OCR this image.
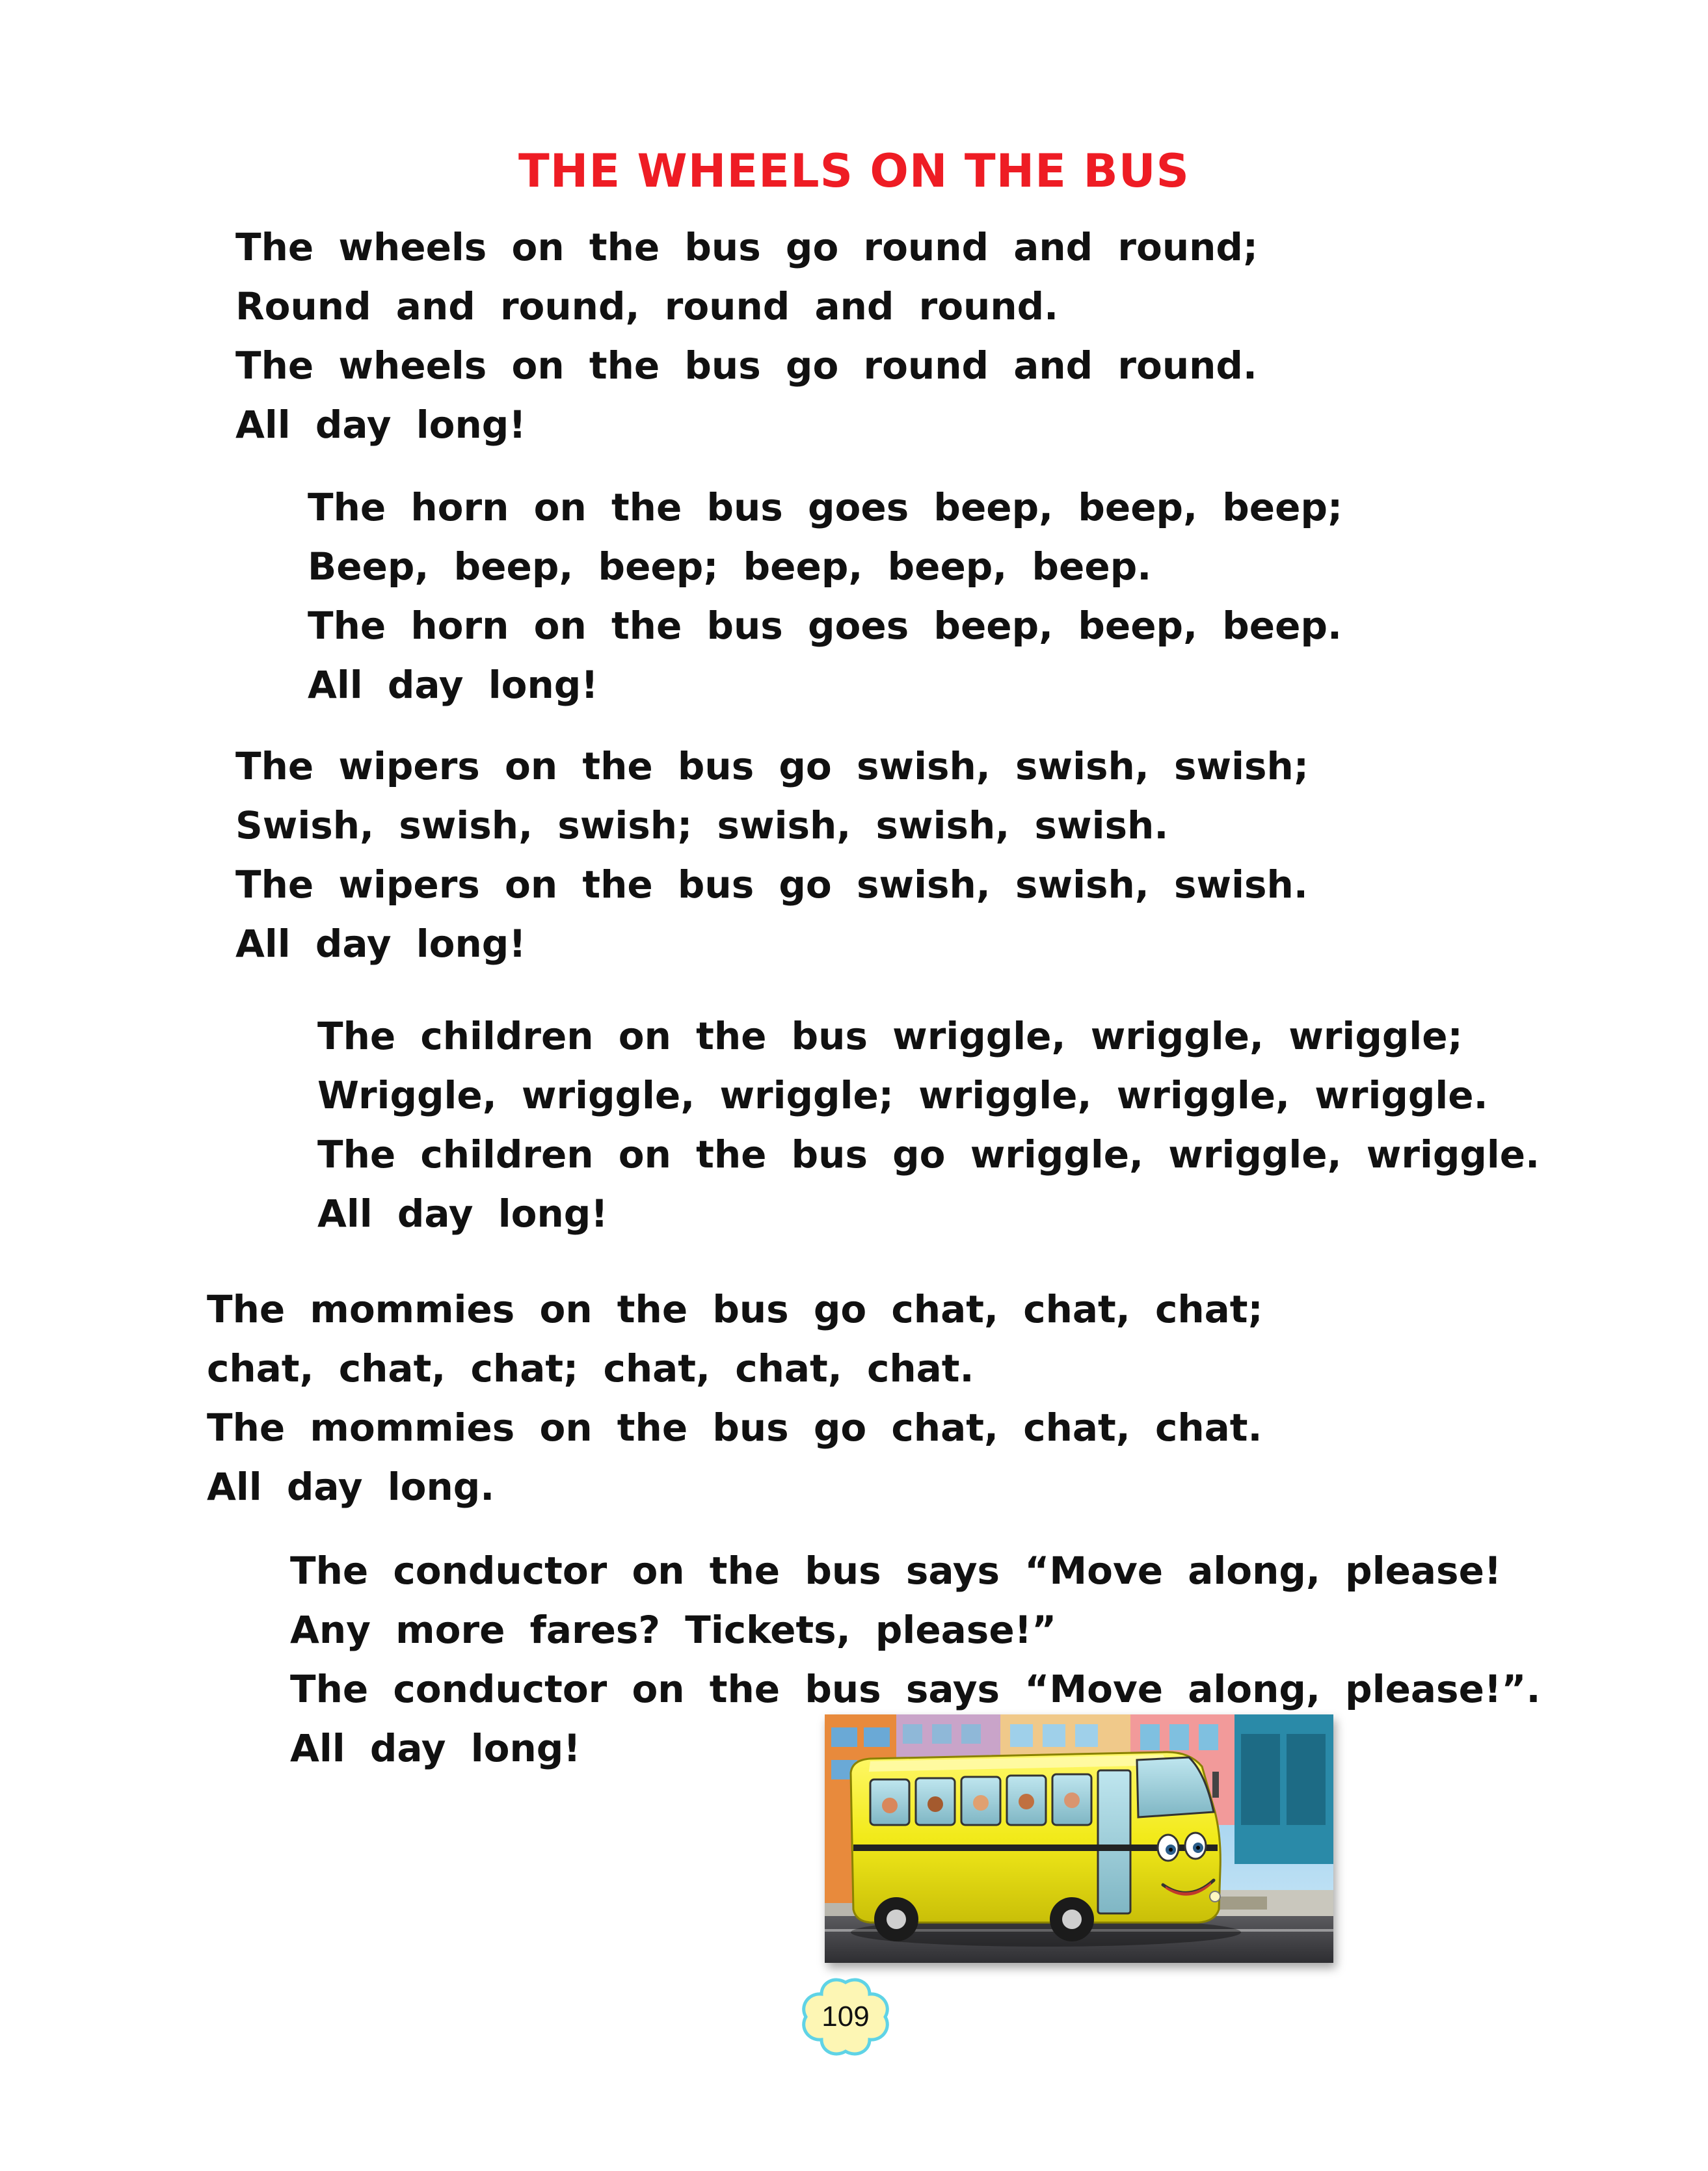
THE WHEELS ON THE BUS
The wheels on the bus go round and round;
Round and round, round and round.
The wheels on the bus go round and round.
All day long!
The horn on the bus goes beep, beep, beep;
Beep, beep, beep; beep, beep, beep.
The horn on the bus goes beep, beep, beep.
All day long!
The wipers on the bus go swish, swish, swish;
Swish, swish, swish; swish, swish, swish.
The wipers on the bus go swish, swish, swish.
All day long!
The children on the bus wriggle, wriggle, wriggle;
Wriggle, wriggle, wriggle; wriggle, wriggle, wriggle.
The children on the bus go wriggle, wriggle, wriggle.
All day long!
The mommies on the bus go chat, chat, chat;
chat, chat, chat; chat, chat, chat.
The mommies on the bus go chat, chat, chat.
All day long.
The conductor on the bus says “Move along, please!
Any more fares? Tickets, please!”
The conductor on the bus says “Move along, please!”.
All day long!
109
